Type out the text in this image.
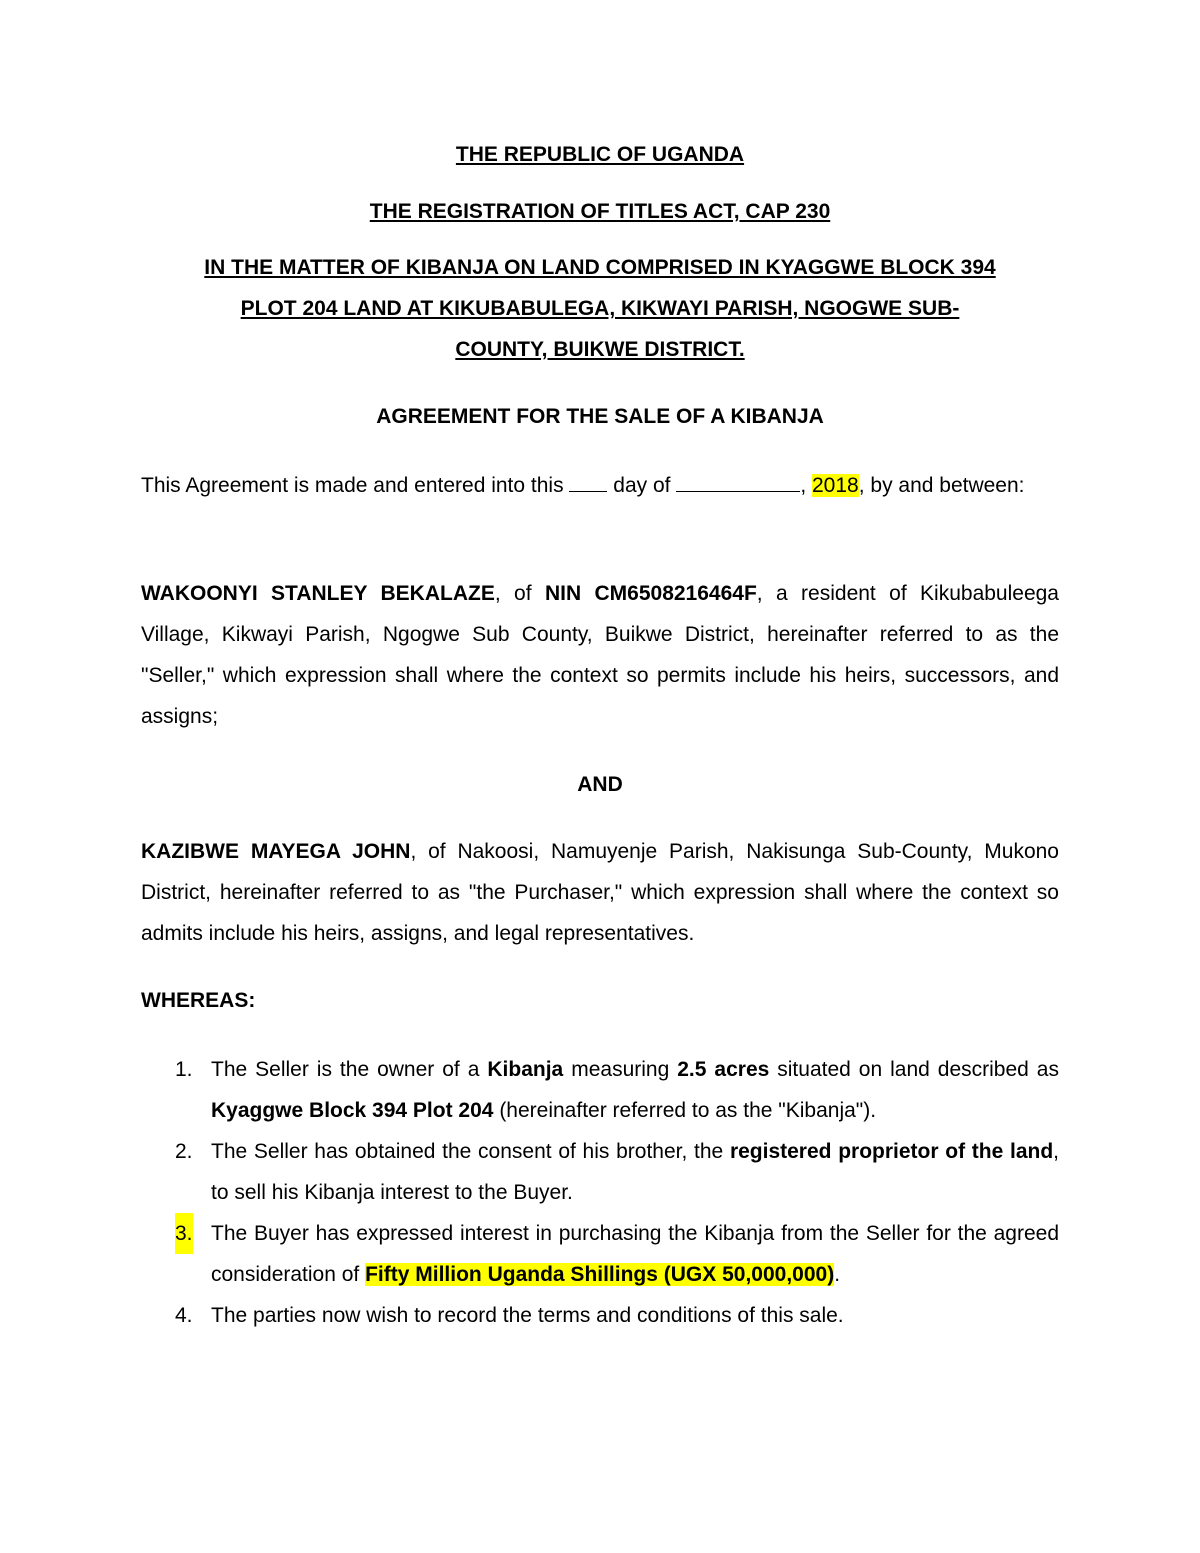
THE REPUBLIC OF UGANDA
THE REGISTRATION OF TITLES ACT, CAP 230
IN THE MATTER OF KIBANJA ON LAND COMPRISED IN KYAGGWE BLOCK 394
PLOT 204 LAND AT KIKUBABULEGA, KIKWAYI PARISH, NGOGWE SUB-
COUNTY, BUIKWE DISTRICT.
AGREEMENT FOR THE SALE OF A KIBANJA
This Agreement is made and entered into this day of	, 2018, by and between:
WAKOONYI STANLEY BEKALAZE, of NIN CM6508216464F, a resident of Kikubabuleega Village, Kikwayi Parish, Ngogwe Sub County, Buikwe District, hereinafter referred to as the "Seller," which expression shall where the context so permits include his heirs, successors, and assigns;
AND
KAZIBWE MAYEGA JOHN, of Nakoosi, Namuyenje Parish, Nakisunga Sub-County, Mukono District, hereinafter referred to as "the Purchaser," which expression shall where the context so admits include his heirs, assigns, and legal representatives.
WHEREAS:
1. The Seller is the owner of a Kibanja measuring 2.5 acres situated on land described as Kyaggwe Block 394 Plot 204 (hereinafter referred to as the "Kibanja").
2. The Seller has obtained the consent of his brother, the registered proprietor of the land, to sell his Kibanja interest to the Buyer.
3. The Buyer has expressed interest in purchasing the Kibanja from the Seller for the agreed consideration of Fifty Million Uganda Shillings (UGX 50,000,000).
4. The parties now wish to record the terms and conditions of this sale.
